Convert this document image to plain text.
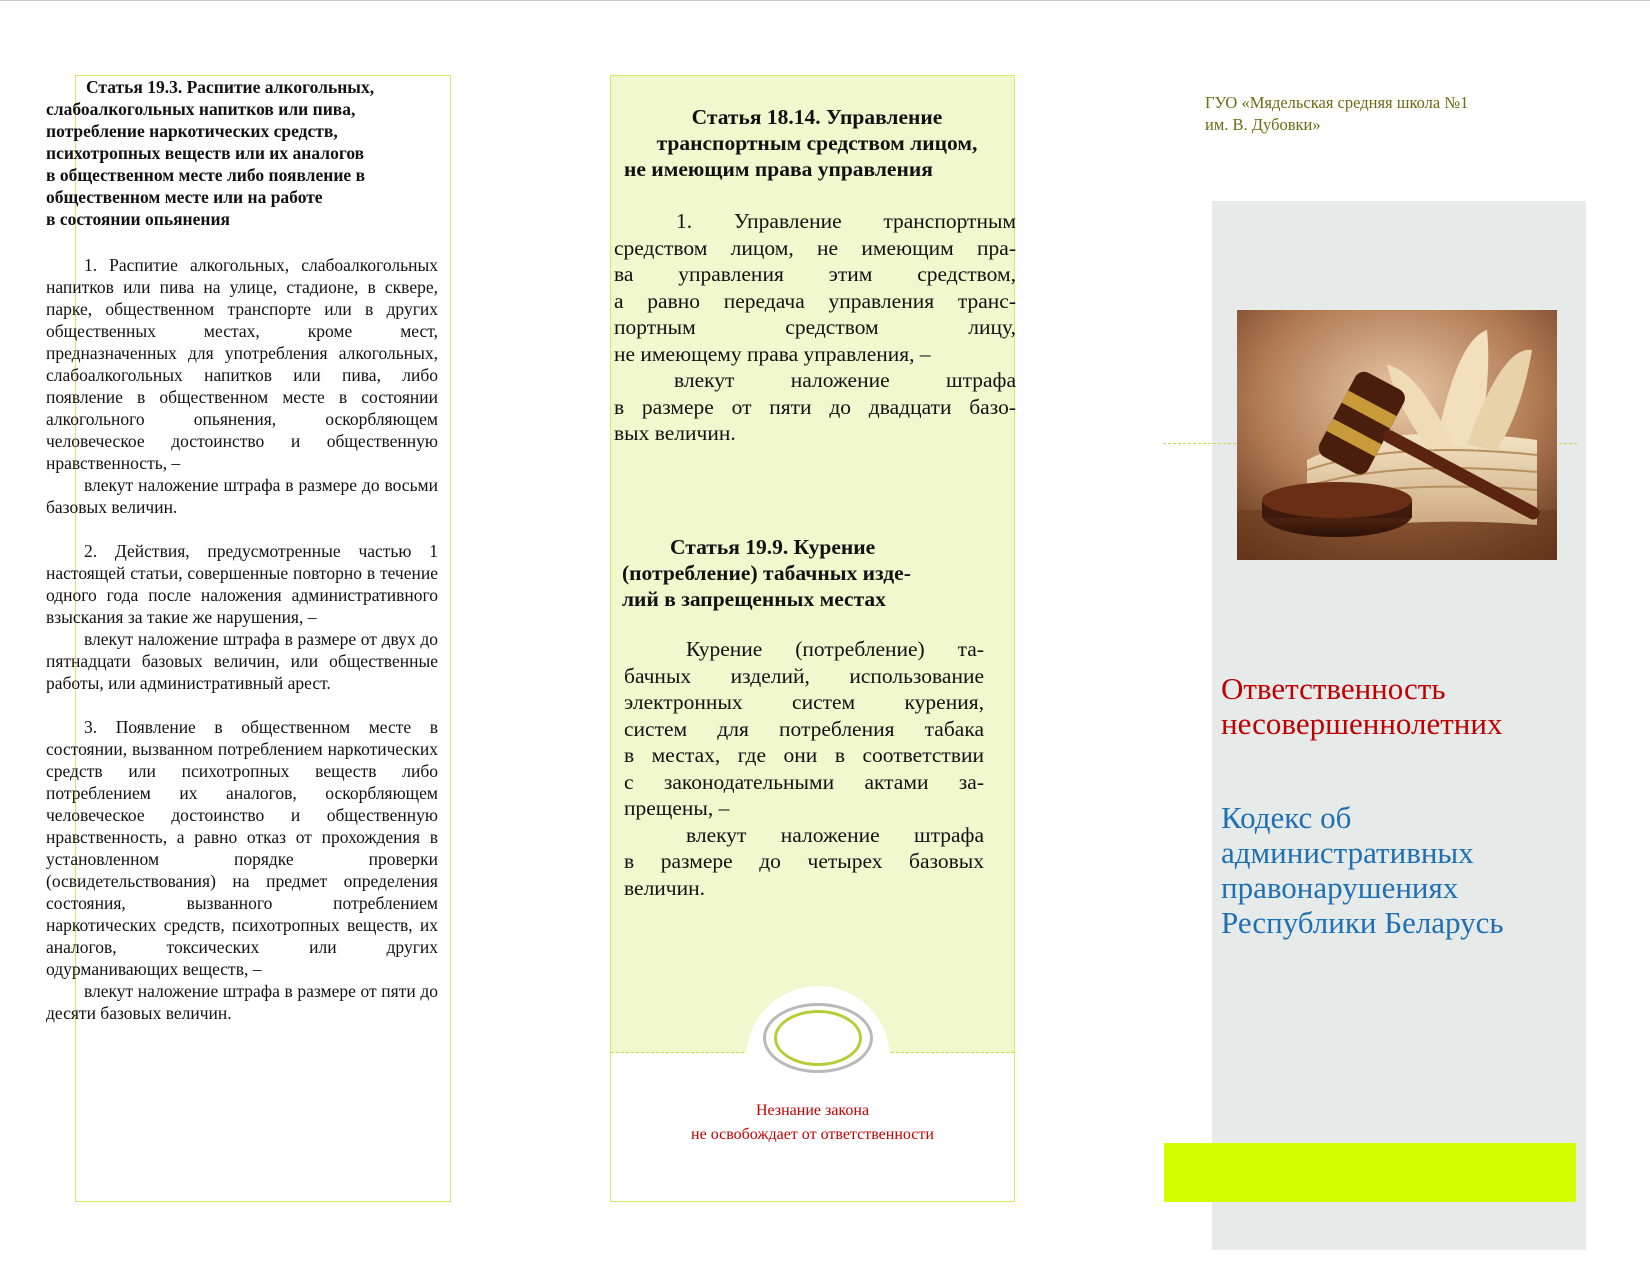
Статья 19.3. Распитие алкогольных,
слабоалкогольных напитков или пива,
потребление наркотических средств,
психотропных веществ или их аналогов
в общественном месте либо появление в
общественном месте или на работе
в состоянии опьянения
1. Распитие алкогольных, слабоалкогольных напитков или пива на улице, стадионе, в сквере, парке, общественном транспорте или в других общественных местах, кроме мест, предназначенных для употребления алкогольных, слабоалкогольных напитков или пива, либо появление в общественном месте в состоянии алкогольного опьянения, оскорбляющем человеческое достоинство и общественную нравственность, –
влекут наложение штрафа в размере до восьми базовых величин.
2. Действия, предусмотренные частью 1 настоящей статьи, совершенные повторно в течение одного года после наложения административного взыскания за такие же нарушения, –
влекут наложение штрафа в размере от двух до пятнадцати базовых величин, или общественные работы, или административный арест.
3. Появление в общественном месте в состоянии, вызванном потреблением наркотических средств или психотропных веществ либо потреблением их аналогов, оскорбляющем человеческое достоинство и общественную нравственность, а равно отказ от прохождения в установленном порядке проверки (освидетельствования) на предмет определения состояния, вызванного потреблением наркотических средств, психотропных веществ, их аналогов, токсических или других одурманивающих веществ, –
влекут наложение штрафа в размере от пяти до десяти базовых величин.
Статья 18.14. Управление
транспортным средством лицом,
не имеющим права управления
1. Управление транспортным
средством лицом, не имеющим пра-
ва управления этим средством,
а равно передача управления транс-
портным средством лицу,
не имеющему права управления, –
влекут наложение штрафа
в размере от пяти до двадцати базо-
вых величин.
Статья 19.9. Курение
(потребление) табачных изде-
лий в запрещенных местах
Курение (потребление) та-
бачных изделий, использование
электронных систем курения,
систем для потребления табака
в местах, где они в соответствии
с законодательными актами за-
прещены, –
влекут наложение штрафа
в размере до четырех базовых
величин.
Незнание закона
не освобождает от ответственности
ГУО «Мядельская средняя школа №1
им. В. Дубовки»
Ответственность
несовершеннолетних
Кодекс об
административных
правонарушениях
Республики Беларусь
